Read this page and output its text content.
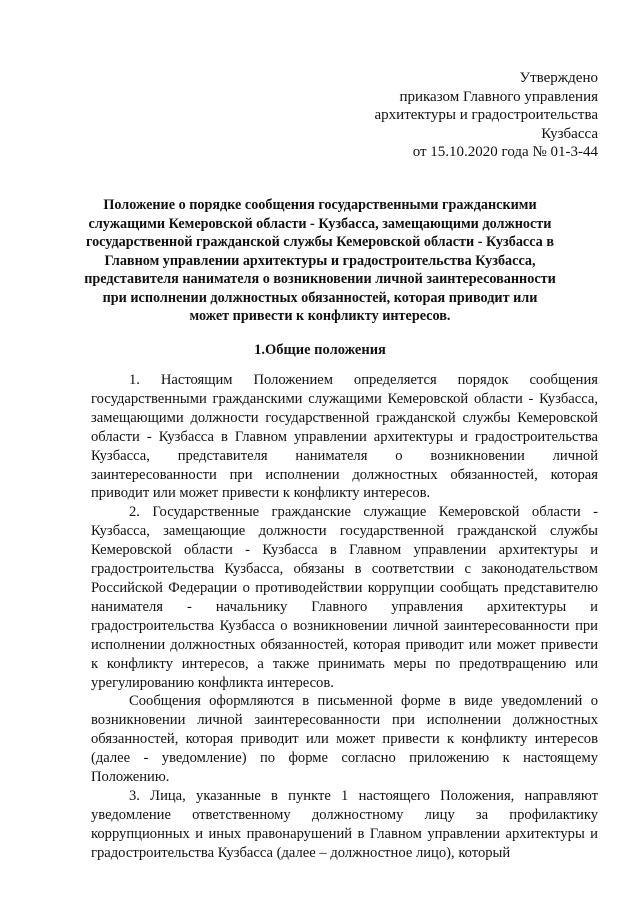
Утверждено
приказом Главного управления
архитектуры и градостроительства
Кузбасса
от 15.10.2020 года № 01-3-44
Положение о порядке сообщения государственными гражданскими
служащими Кемеровской области - Кузбасса, замещающими должности
государственной гражданской службы Кемеровской области - Кузбасса в
Главном управлении архитектуры и градостроительства Кузбасса,
представителя нанимателя о возникновении личной заинтересованности
при исполнении должностных обязанностей, которая приводит или
может привести к конфликту интересов.
1.Общие положения

1. Настоящим Положением определяется порядок сообщения государственными гражданскими служащими Кемеровской области - Кузбасса, замещающими должности государственной гражданской службы Кемеровской области - Кузбасса в Главном управлении архитектуры и градостроительства Кузбасса, представителя нанимателя о возникновении личной заинтересованности при исполнении должностных обязанностей, которая приводит или может привести к конфликту интересов.

2. Государственные гражданские служащие Кемеровской области - Кузбасса, замещающие должности государственной гражданской службы Кемеровской области - Кузбасса в Главном управлении архитектуры и градостроительства Кузбасса, обязаны в соответствии с законодательством Российской Федерации о противодействии коррупции сообщать представителю нанимателя - начальнику Главного управления архитектуры и градостроительства Кузбасса о возникновении личной заинтересованности при исполнении должностных обязанностей, которая приводит или может привести к конфликту интересов, а также принимать меры по предотвращению или урегулированию конфликта интересов.

Сообщения оформляются в письменной форме в виде уведомлений о возникновении личной заинтересованности при исполнении должностных обязанностей, которая приводит или может привести к конфликту интересов (далее - уведомление) по форме согласно приложению к настоящему Положению.

3. Лица, указанные в пункте 1 настоящего Положения, направляют уведомление ответственному должностному лицу за профилактику коррупционных и иных правонарушений в Главном управлении архитектуры и градостроительства Кузбасса (далее – должностное лицо), который
